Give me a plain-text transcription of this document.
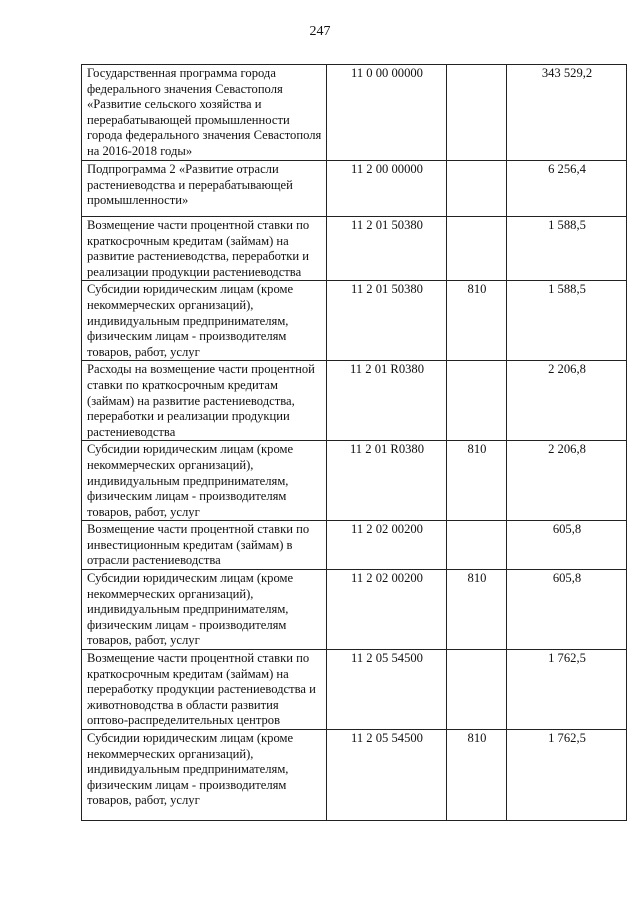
247
Государственная программа города федерального значения Севастополя «Развитие сельского хозяйства и перерабатывающей промышленности города федерального значения Севастополя на 2016-2018 годы»	11 0 00 00000		343 529,2
Подпрограмма 2 «Развитие отрасли растениеводства и перерабатывающей промышленности»	11 2 00 00000		6 256,4
Возмещение части процентной ставки по краткосрочным кредитам (займам) на развитие растениеводства, переработки и реализации продукции растениеводства	11 2 01 50380		1 588,5
Субсидии юридическим лицам (кроме некоммерческих организаций), индивидуальным предпринимателям, физическим лицам - производителям товаров, работ, услуг	11 2 01 50380	810	1 588,5
Расходы на возмещение части процентной ставки по краткосрочным кредитам (займам) на развитие растениеводства, переработки и реализации продукции растениеводства	11 2 01 R0380		2 206,8
Субсидии юридическим лицам (кроме некоммерческих организаций), индивидуальным предпринимателям, физическим лицам - производителям товаров, работ, услуг	11 2 01 R0380	810	2 206,8
Возмещение части процентной ставки по инвестиционным кредитам (займам) в отрасли растениеводства	11 2 02 00200		605,8
Субсидии юридическим лицам (кроме некоммерческих организаций), индивидуальным предпринимателям, физическим лицам - производителям товаров, работ, услуг	11 2 02 00200	810	605,8
Возмещение части процентной ставки по краткосрочным кредитам (займам) на переработку продукции растениеводства и животноводства в области развития оптово-распределительных центров	11 2 05 54500		1 762,5
Субсидии юридическим лицам (кроме некоммерческих организаций), индивидуальным предпринимателям, физическим лицам - производителям товаров, работ, услуг	11 2 05 54500	810	1 762,5
